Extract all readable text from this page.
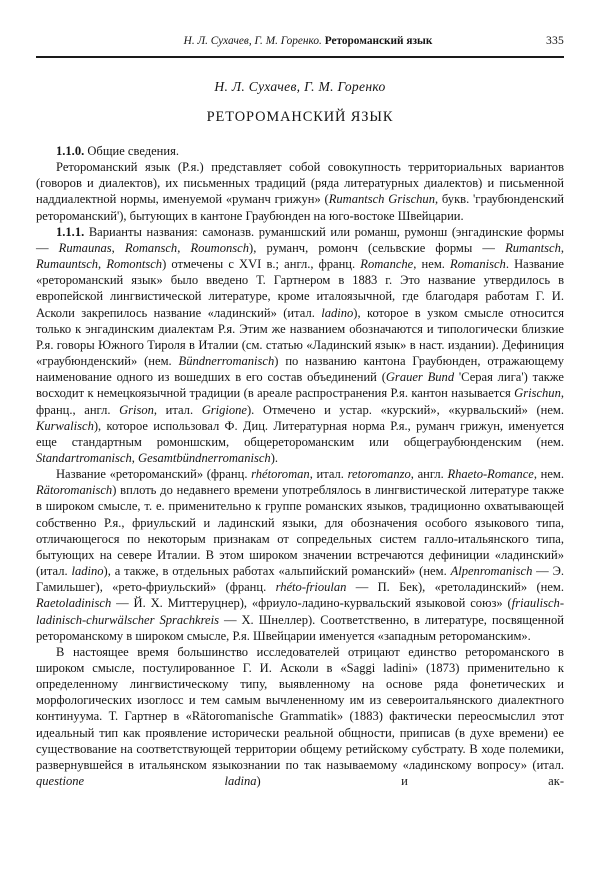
Н. Л. Сухачев, Г. М. Горенко. Ретороманский язык	335
Н. Л. Сухачев, Г. М. Горенко
РЕТОРОМАНСКИЙ ЯЗЫК
1.1.0. Общие сведения.

Ретороманский язык (Р.я.) представляет собой совокупность территориальных вариантов (говоров и диалектов), их письменных традиций (ряда литературных диалектов) и письменной наддиалектной нормы, именуемой «руманч грижун» (Rumantsch Grischun, букв. 'граубюнденский ретороманский'), бытующих в кантоне Граубюнден на юго-востоке Швейцарии.

1.1.1. Варианты названия: самоназв. руманшский или романш, румонш (энгадинские формы — Rumaunas, Romansch, Roumonsch), руманч, ромонч (сельвские формы — Rumantsch, Rumauntsch, Romontsch) отмечены с XVI в.; англ., франц. Romanche, нем. Romanisch. Название «ретороманский язык» было введено Т. Гартнером в 1883 г. Это название утвердилось в европейской лингвистической литературе, кроме италоязычной, где благодаря работам Г. И. Асколи закрепилось название «ладинский» (итал. ladino), которое в узком смысле относится только к энгадинским диалектам Р.я. Этим же названием обозначаются и типологически близкие Р.я. говоры Южного Тироля в Италии (см. статью «Ладинский язык» в наст. издании). Дефиниция «граубюнденский» (нем. Bündnerromanisch) по названию кантона Граубюнден, отражающему наименование одного из вошедших в его состав объединений (Grauer Bund 'Серая лига') также восходит к немецкоязычной традиции (в ареале распространения Р.я. кантон называется Grischun, франц., англ. Grison, итал. Grigione). Отмечено и устар. «курский», «курвальский» (нем. Kurwalisch), которое использовал Ф. Диц. Литературная норма Р.я., руманч грижун, именуется еще стандартным ромоншским, общеретороманским или общеграубюнденским (нем. Standartromanisch, Gesamtbündnerromanisch).

Название «ретороманский» (франц. rhétoroman, итал. retoromanzo, англ. Rhaeto-Romance, нем. Rätoromanisch) вплоть до недавнего времени употреблялось в лингвистической литературе также в широком смысле, т. е. применительно к группе романских языков, традиционно охватывающей собственно Р.я., фриульский и ладинский языки, для обозначения особого языкового типа, отличающегося по некоторым признакам от сопредельных систем галло-итальянского типа, бытующих на севере Италии. В этом широком значении встречаются дефиниции «ладинский» (итал. ladino), а также, в отдельных работах «альпийский романский» (нем. Alpenromanisch — Э. Гамильшег), «рето-фриульский» (франц. rhéto-frioulan — П. Бек), «ретоладинский» (нем. Raetoladinisch — Й. Х. Миттеруцнер), «фриуло-ладино-курвальский языковой союз» (friaulisch-ladinisch-churwälscher Sprachkreis — Х. Шнеллер). Соответственно, в литературе, посвященной ретороманскому в широком смысле, Р.я. Швейцарии именуется «западным ретороманским».

В настоящее время большинство исследователей отрицают единство ретороманского в широком смысле, постулированное Г. И. Асколи в «Saggi ladini» (1873) применительно к определенному лингвистическому типу, выявленному на основе ряда фонетических и морфологических изоглосс и тем самым вычлененному им из североитальянского диалектного континуума. Т. Гартнер в «Rätoromanische Grammatik» (1883) фактически переосмыслил этот идеальный тип как проявление исторически реальной общности, приписав (в духе времени) ее существование на соответствующей территории общему ретийскому субстрату. В ходе полемики, развернувшейся в итальянском языкознании по так называемому «ладинскому вопросу» (итал. questione ladina) и ак-
